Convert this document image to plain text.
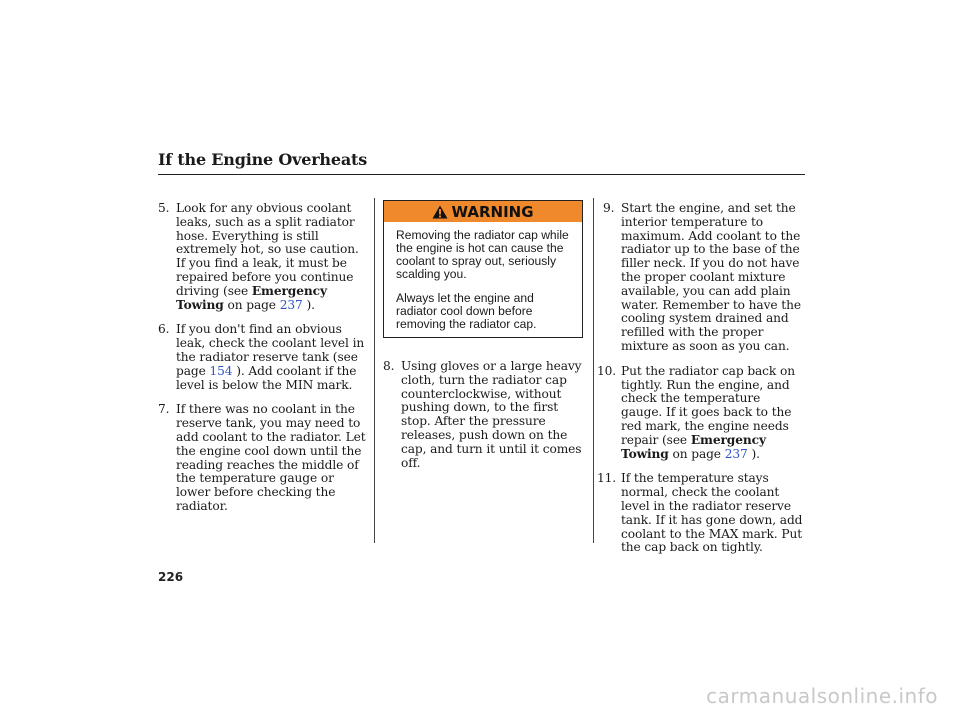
If the Engine Overheats
5. Look for any obvious coolant leaks, such as a split radiator hose. Everything is still extremely hot, so use caution. If you find a leak, it must be repaired before you continue driving (see Emergency Towing on page 237 ).
6. If you don't find an obvious leak, check the coolant level in the radiator reserve tank (see page 154 ). Add coolant if the level is below the MIN mark.
7. If there was no coolant in the reserve tank, you may need to add coolant to the radiator. Let the engine cool down until the reading reaches the middle of the temperature gauge or lower before checking the radiator.
WARNING

Removing the radiator cap while the engine is hot can cause the coolant to spray out, seriously scalding you.

Always let the engine and radiator cool down before removing the radiator cap.

8. Using gloves or a large heavy cloth, turn the radiator cap counterclockwise, without pushing down, to the first stop. After the pressure releases, push down on the cap, and turn it until it comes off.
9. Start the engine, and set the interior temperature to maximum. Add coolant to the radiator up to the base of the filler neck. If you do not have the proper coolant mixture available, you can add plain water. Remember to have the cooling system drained and refilled with the proper mixture as soon as you can.
10. Put the radiator cap back on tightly. Run the engine, and check the temperature gauge. If it goes back to the red mark, the engine needs repair (see Emergency Towing on page 237 ).
11. If the temperature stays normal, check the coolant level in the radiator reserve tank. If it has gone down, add coolant to the MAX mark. Put the cap back on tightly.
226
carmanualsonline.info
